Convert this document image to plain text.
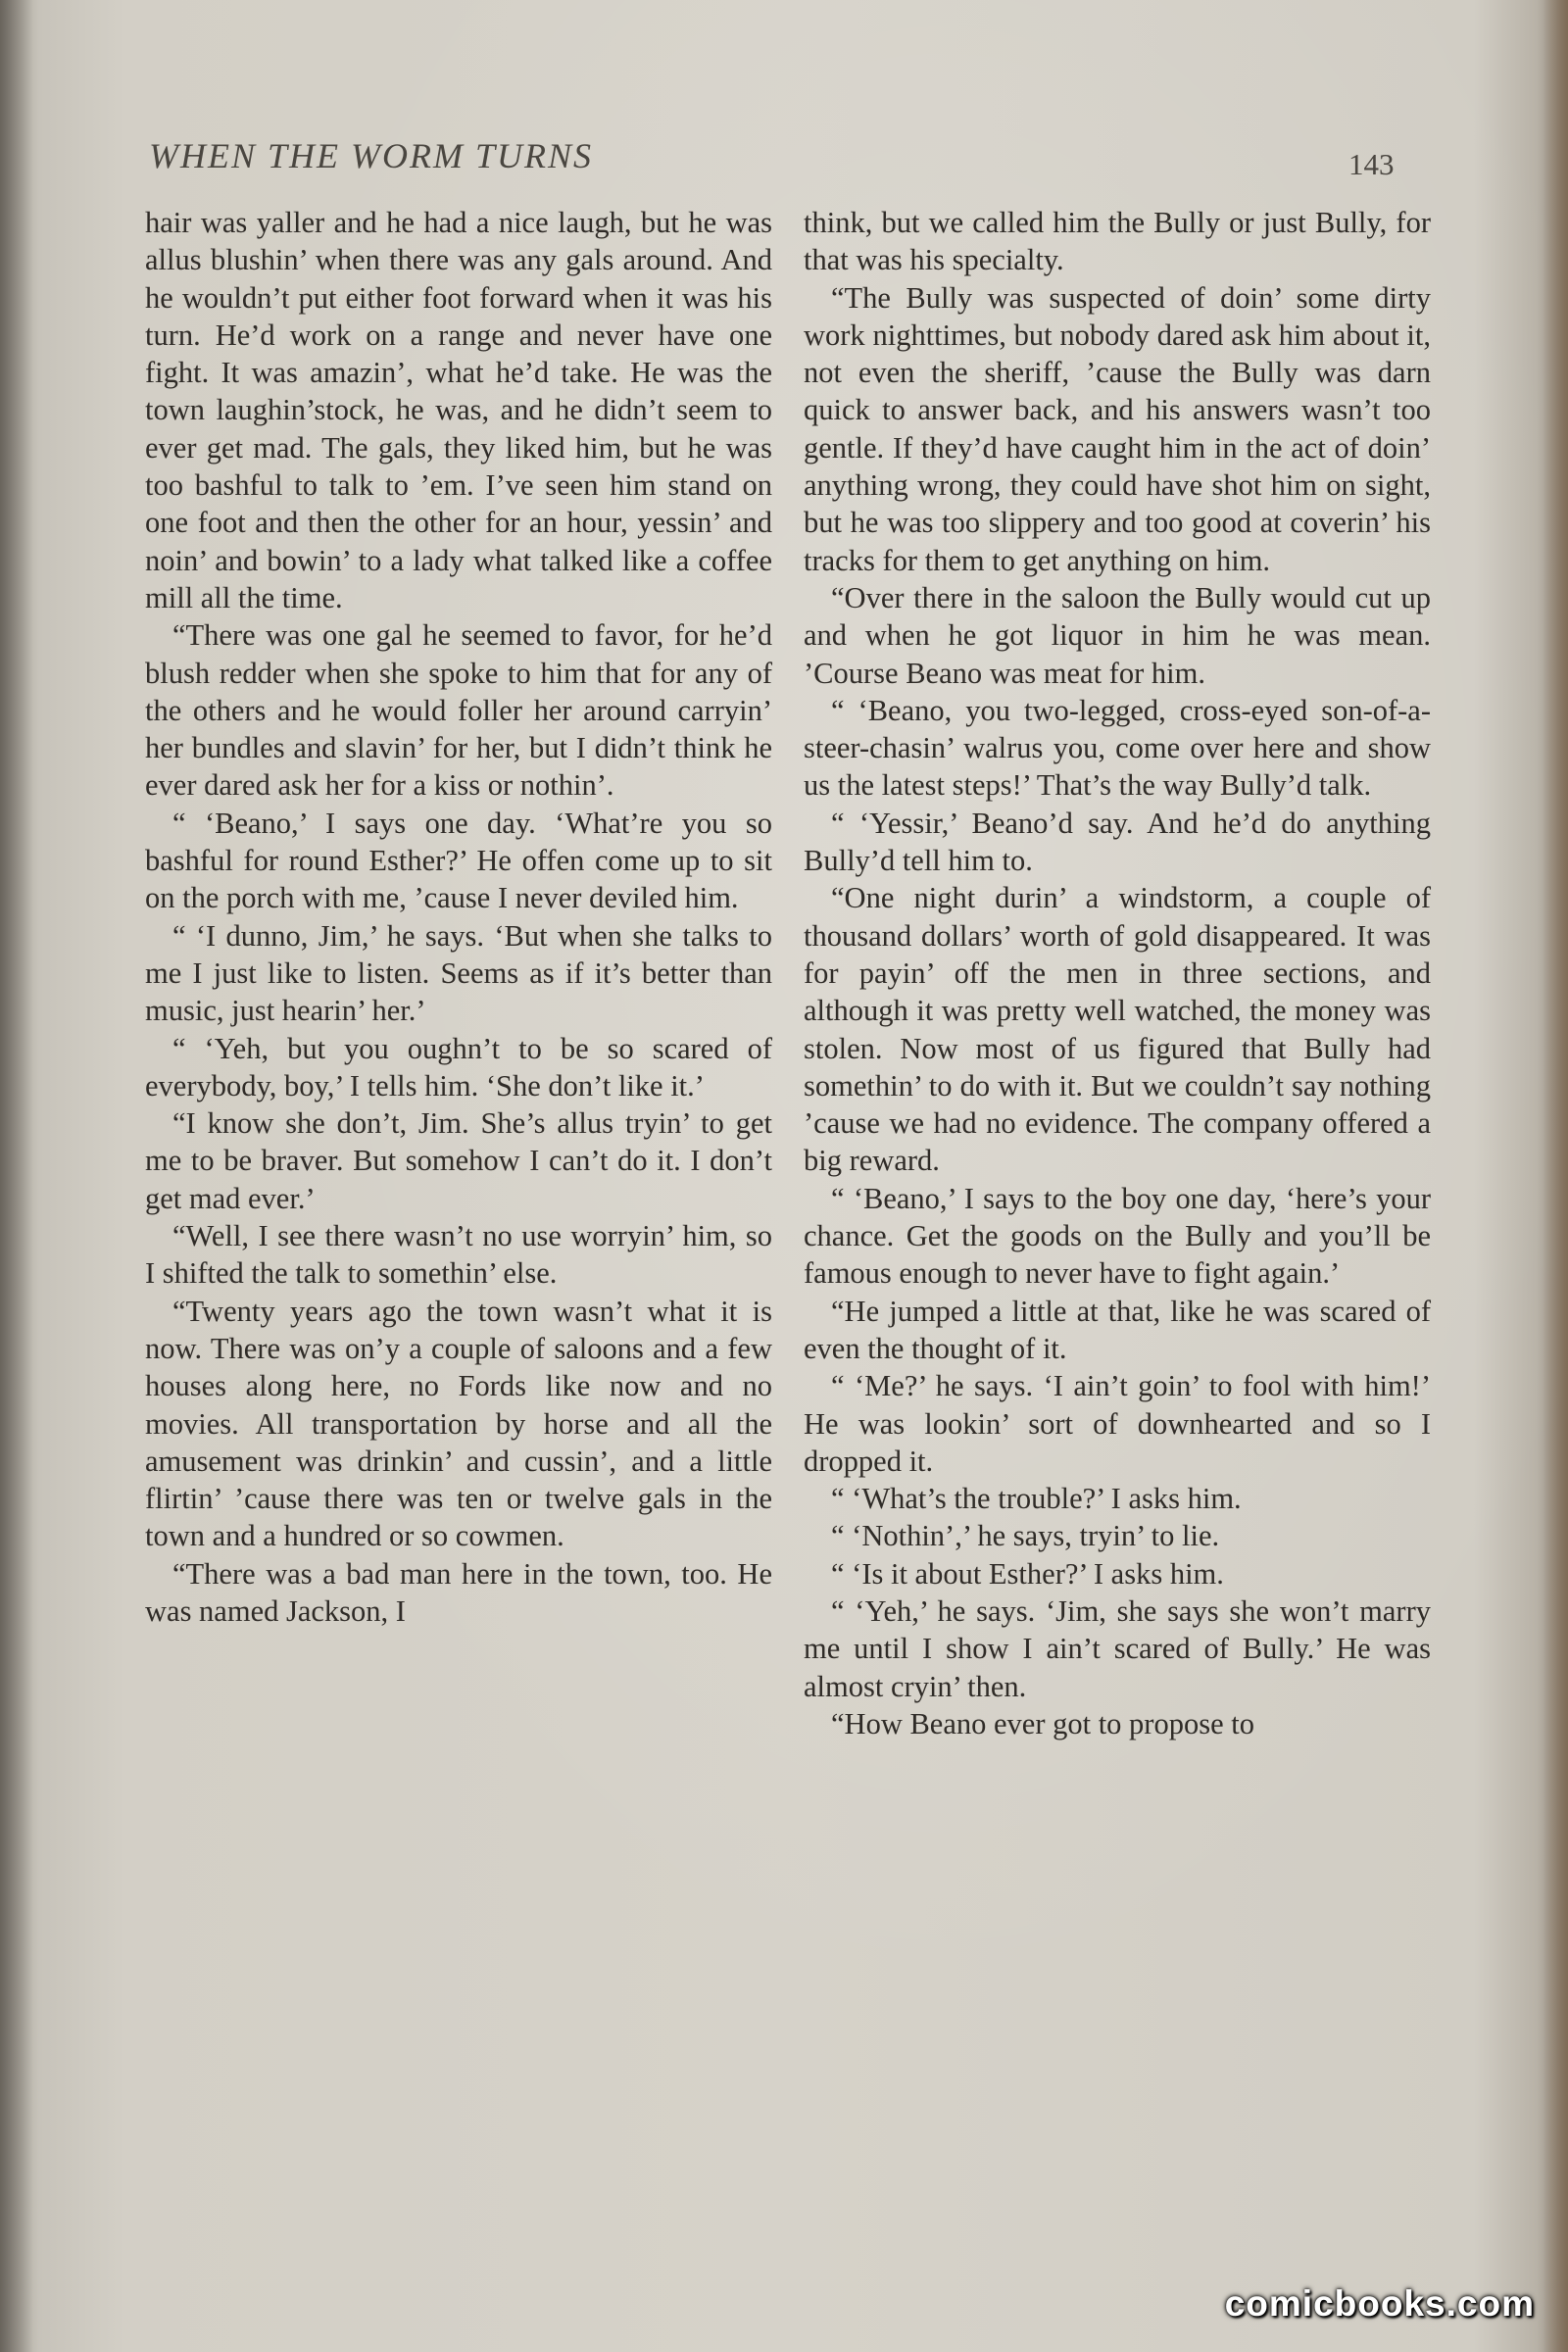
WHEN THE WORM TURNS	143

hair was yaller and he had a nice laugh, but he was allus blushin’ when there was any gals around. And he wouldn’t put either foot forward when it was his turn. He’d work on a range and never have one fight. It was amazin’, what he’d take. He was the town laughin’stock, he was, and he didn’t seem to ever get mad. The gals, they liked him, but he was too bashful to talk to ’em. I’ve seen him stand on one foot and then the other for an hour, yessin’ and noin’ and bowin’ to a lady what talked like a coffee mill all the time.

“There was one gal he seemed to favor, for he’d blush redder when she spoke to him that for any of the others and he would foller her around carryin’ her bundles and slavin’ for her, but I didn’t think he ever dared ask her for a kiss or nothin’.

“ ‘Beano,’ I says one day. ‘What’re you so bashful for round Esther?’ He offen come up to sit on the porch with me, ’cause I never deviled him.

“ ‘I dunno, Jim,’ he says. ‘But when she talks to me I just like to listen. Seems as if it’s better than music, just hearin’ her.’

“ ‘Yeh, but you oughn’t to be so scared of everybody, boy,’ I tells him. ‘She don’t like it.’

“I know she don’t, Jim. She’s allus tryin’ to get me to be braver. But somehow I can’t do it. I don’t get mad ever.’

“Well, I see there wasn’t no use worryin’ him, so I shifted the talk to somethin’ else.

“Twenty years ago the town wasn’t what it is now. There was on’y a couple of saloons and a few houses along here, no Fords like now and no movies. All transportation by horse and all the amusement was drinkin’ and cussin’, and a little flirtin’ ’cause there was ten or twelve gals in the town and a hundred or so cowmen.

“There was a bad man here in the town, too. He was named Jackson, I

think, but we called him the Bully or just Bully, for that was his specialty.

“The Bully was suspected of doin’ some dirty work nighttimes, but nobody dared ask him about it, not even the sheriff, ’cause the Bully was darn quick to answer back, and his answers wasn’t too gentle. If they’d have caught him in the act of doin’ anything wrong, they could have shot him on sight, but he was too slippery and too good at coverin’ his tracks for them to get anything on him.

“Over there in the saloon the Bully would cut up and when he got liquor in him he was mean. ’Course Beano was meat for him.

“ ‘Beano, you two-legged, cross-eyed son-of-a-steer-chasin’ walrus you, come over here and show us the latest steps!’ That’s the way Bully’d talk.

“ ‘Yessir,’ Beano’d say. And he’d do anything Bully’d tell him to.

“One night durin’ a windstorm, a couple of thousand dollars’ worth of gold disappeared. It was for payin’ off the men in three sections, and although it was pretty well watched, the money was stolen. Now most of us figured that Bully had somethin’ to do with it. But we couldn’t say nothing ’cause we had no evidence. The company offered a big reward.

“ ‘Beano,’ I says to the boy one day, ‘here’s your chance. Get the goods on the Bully and you’ll be famous enough to never have to fight again.’

“He jumped a little at that, like he was scared of even the thought of it.

“ ‘Me?’ he says. ‘I ain’t goin’ to fool with him!’ He was lookin’ sort of downhearted and so I dropped it.

“ ‘What’s the trouble?’ I asks him.

“ ‘Nothin’,’ he says, tryin’ to lie.

“ ‘Is it about Esther?’ I asks him.

“ ‘Yeh,’ he says. ‘Jim, she says she won’t marry me until I show I ain’t scared of Bully.’ He was almost cryin’ then.

“How Beano ever got to propose to

comicbooks.com
